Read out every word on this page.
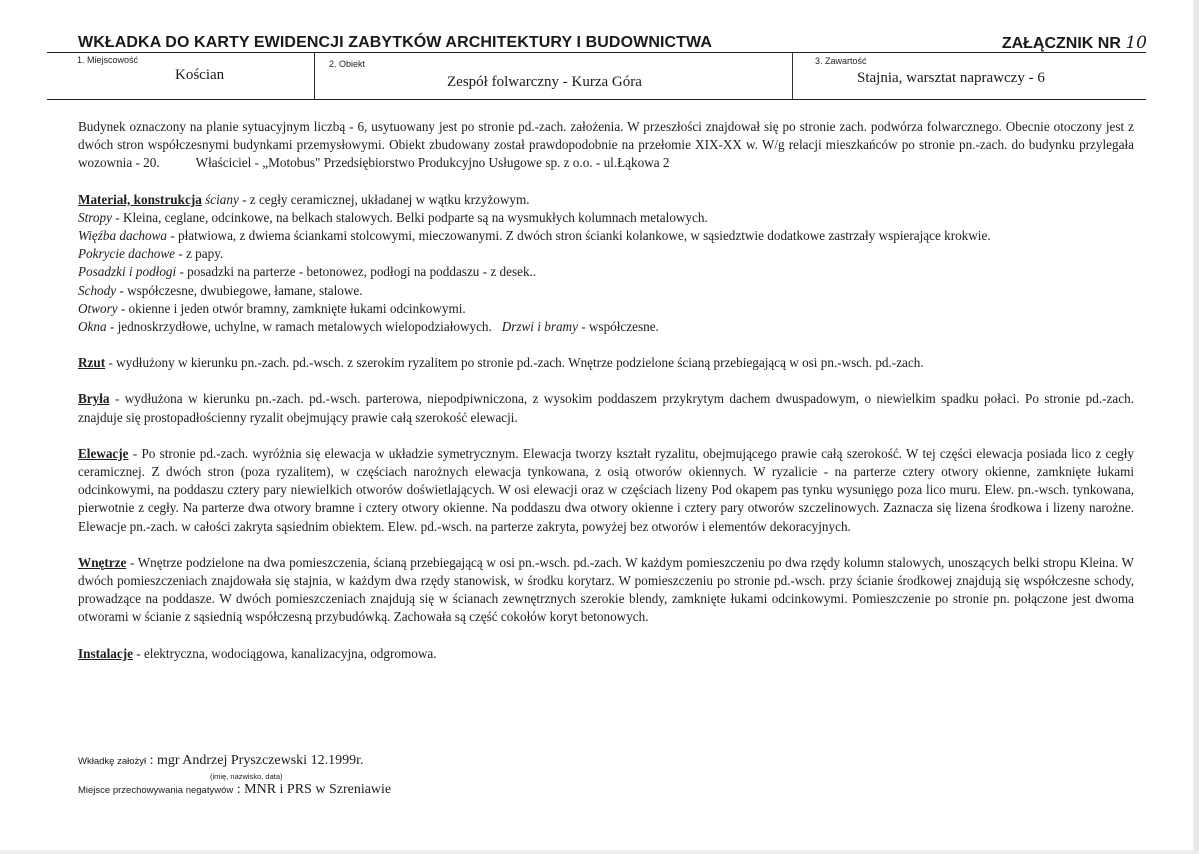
WKŁADKA DO KARTY EWIDENCJI ZABYTKÓW ARCHITEKTURY I BUDOWNICTWA	ZAŁĄCZNIK NR 10
1. Miejscowość
Kościan
2. Obiekt
Zespół folwarczny - Kurza Góra
3. Zawartość
Stajnia, warsztat naprawczy - 6

Budynek oznaczony na planie sytuacyjnym liczbą - 6, usytuowany jest po stronie pd.-zach. założenia. W przeszłości znajdował się po stronie zach. podwórza folwarcznego. Obecnie otoczony jest z dwóch stron współczesnymi budynkami przemysłowymi. Obiekt zbudowany został prawdopodobnie na przełomie XIX-XX w. W/g relacji mieszkańców po stronie pn.-zach. do budynku przylegała wozownia - 20.	Właściciel - „Motobus" Przedsiębiorstwo Produkcyjno Usługowe sp. z o.o. - ul.Łąkowa 2

Materiał, konstrukcja ściany - z cegły ceramicznej, układanej w wątku krzyżowym.

Stropy - Kleina, ceglane, odcinkowe, na belkach stalowych. Belki podparte są na wysmukłych kolumnach metalowych.

Więźba dachowa - płatwiowa, z dwiema ściankami stolcowymi, mieczowanymi. Z dwóch stron ścianki kolankowe, w sąsiedztwie dodatkowe zastrzały wspierające krokwie.

Pokrycie dachowe - z papy.

Posadzki i podłogi - posadzki na parterze - betonowez, podłogi na poddaszu - z desek..

Schody - współczesne, dwubiegowe, łamane, stalowe.

Otwory - okienne i jeden otwór bramny, zamknięte łukami odcinkowymi.

Okna - jednoskrzydłowe, uchylne, w ramach metalowych wielopodziałowych. Drzwi i bramy - współczesne.

Rzut - wydłużony w kierunku pn.-zach. pd.-wsch. z szerokim ryzalitem po stronie pd.-zach. Wnętrze podzielone ścianą przebiegającą w osi pn.-wsch. pd.-zach.

Bryła - wydłużona w kierunku pn.-zach. pd.-wsch. parterowa, niepodpiwniczona, z wysokim poddaszem przykrytym dachem dwuspadowym, o niewielkim spadku połaci. Po stronie pd.-zach. znajduje się prostopadłościenny ryzalit obejmujący prawie całą szerokość elewacji.

Elewacje - Po stronie pd.-zach. wyróżnia się elewacja w układzie symetrycznym. Elewacja tworzy kształt ryzalitu, obejmującego prawie całą szerokość. W tej części elewacja posiada lico z cegły ceramicznej. Z dwóch stron (poza ryzalitem), w częściach narożnych elewacja tynkowana, z osią otworów okiennych. W ryzalicie - na parterze cztery otwory okienne, zamknięte łukami odcinkowymi, na poddaszu cztery pary niewielkich otworów doświetlających. W osi elewacji oraz w częściach lizeny Pod okapem pas tynku wysunięgo poza lico muru. Elew. pn.-wsch. tynkowana, pierwotnie z cegły. Na parterze dwa otwory bramne i cztery otwory okienne. Na poddaszu dwa otwory okienne i cztery pary otworów szczelinowych. Zaznacza się lizena środkowa i lizeny narożne. Elewacje pn.-zach. w całości zakryta sąsiednim obiektem. Elew. pd.-wsch. na parterze zakryta, powyżej bez otworów i elementów dekoracyjnych.

Wnętrze - Wnętrze podzielone na dwa pomieszczenia, ścianą przebiegającą w osi pn.-wsch. pd.-zach. W każdym pomieszczeniu po dwa rzędy kolumn stalowych, unoszących belki stropu Kleina. W dwóch pomieszczeniach znajdowała się stajnia, w każdym dwa rzędy stanowisk, w środku korytarz. W pomieszczeniu po stronie pd.-wsch. przy ścianie środkowej znajdują się współczesne schody, prowadzące na poddasze. W dwóch pomieszczeniach znajdują się w ścianach zewnętrznych szerokie blendy, zamknięte łukami odcinkowymi. Pomieszczenie po stronie pn. połączone jest dwoma otworami w ścianie z sąsiednią współczesną przybudówką. Zachowała są część cokołów koryt betonowych.

Instalacje - elektryczna, wodociągowa, kanalizacyjna, odgromowa.

Wkładkę założył : mgr Andrzej Pryszczewski 12.1999r.
(imię, nazwisko, data)
Miejsce przechowywania negatywów : MNR i PRS w Szreniawie
